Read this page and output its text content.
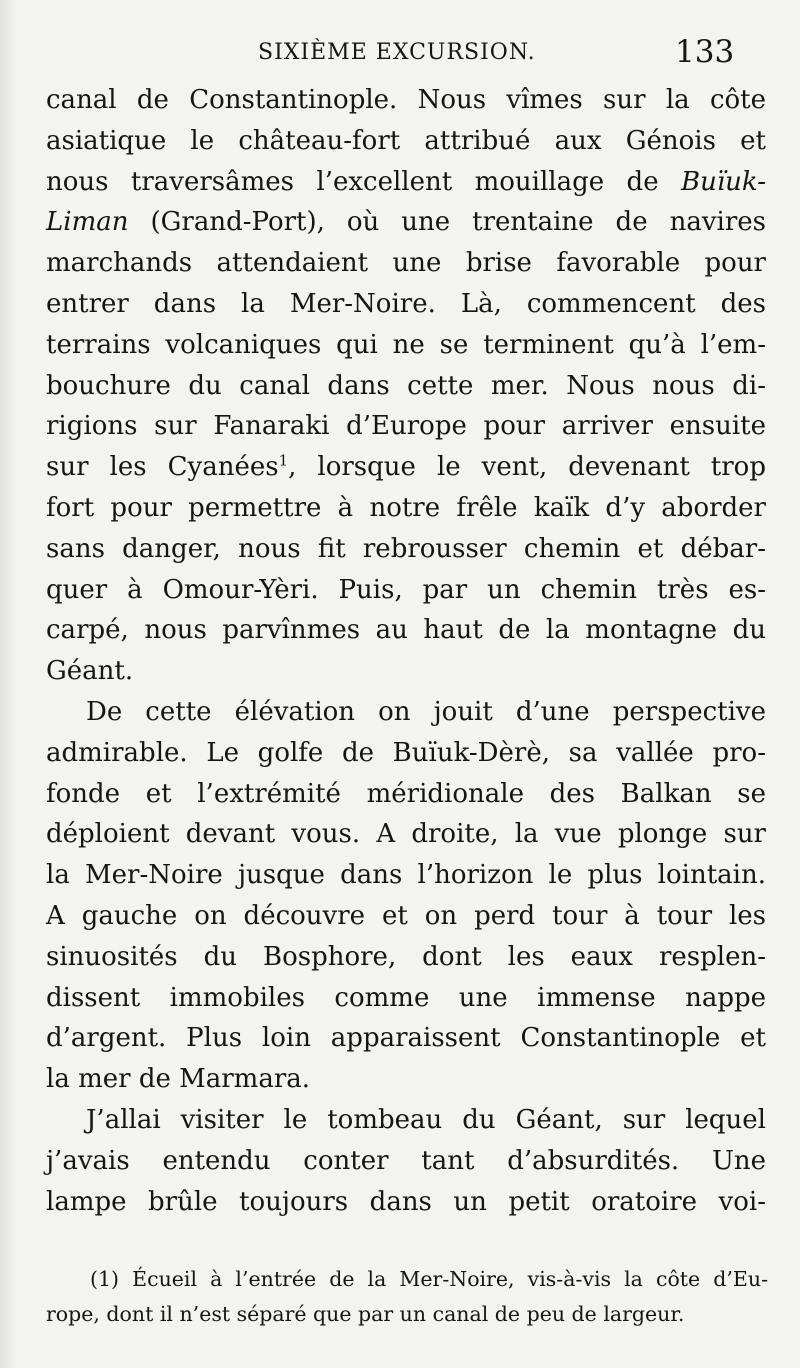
SIXIÈME EXCURSION.	133

canal de Constantinople. Nous vîmes sur la côte
asiatique le château-fort attribué aux Génois et
nous traversâmes l’excellent mouillage de Buïuk-
Liman (Grand-Port), où une trentaine de navires
marchands attendaient une brise favorable pour
entrer dans la Mer-Noire. Là, commencent des
terrains volcaniques qui ne se terminent qu’à l’em-
bouchure du canal dans cette mer. Nous nous di-
rigions sur Fanaraki d’Europe pour arriver ensuite
sur les Cyanées$^1$, lorsque le vent, devenant trop
fort pour permettre à notre frêle kaïk d’y aborder
sans danger, nous fit rebrousser chemin et débar-
quer à Omour-Yèri. Puis, par un chemin très es-
carpé, nous parvînmes au haut de la montagne du
Géant.

De cette élévation on jouit d’une perspective
admirable. Le golfe de Buïuk-Dèrè, sa vallée pro-
fonde et l’extrémité méridionale des Balkan se
déploient devant vous. A droite, la vue plonge sur
la Mer-Noire jusque dans l’horizon le plus lointain.
A gauche on découvre et on perd tour à tour les
sinuosités du Bosphore, dont les eaux resplen-
dissent immobiles comme une immense nappe
d’argent. Plus loin apparaissent Constantinople et
la mer de Marmara.

J’allai visiter le tombeau du Géant, sur lequel
j’avais entendu conter tant d’absurdités. Une
lampe brûle toujours dans un petit oratoire voi-

(1) Écueil à l’entrée de la Mer-Noire, vis-à-vis la côte d’Eu-
rope, dont il n’est séparé que par un canal de peu de largeur.
